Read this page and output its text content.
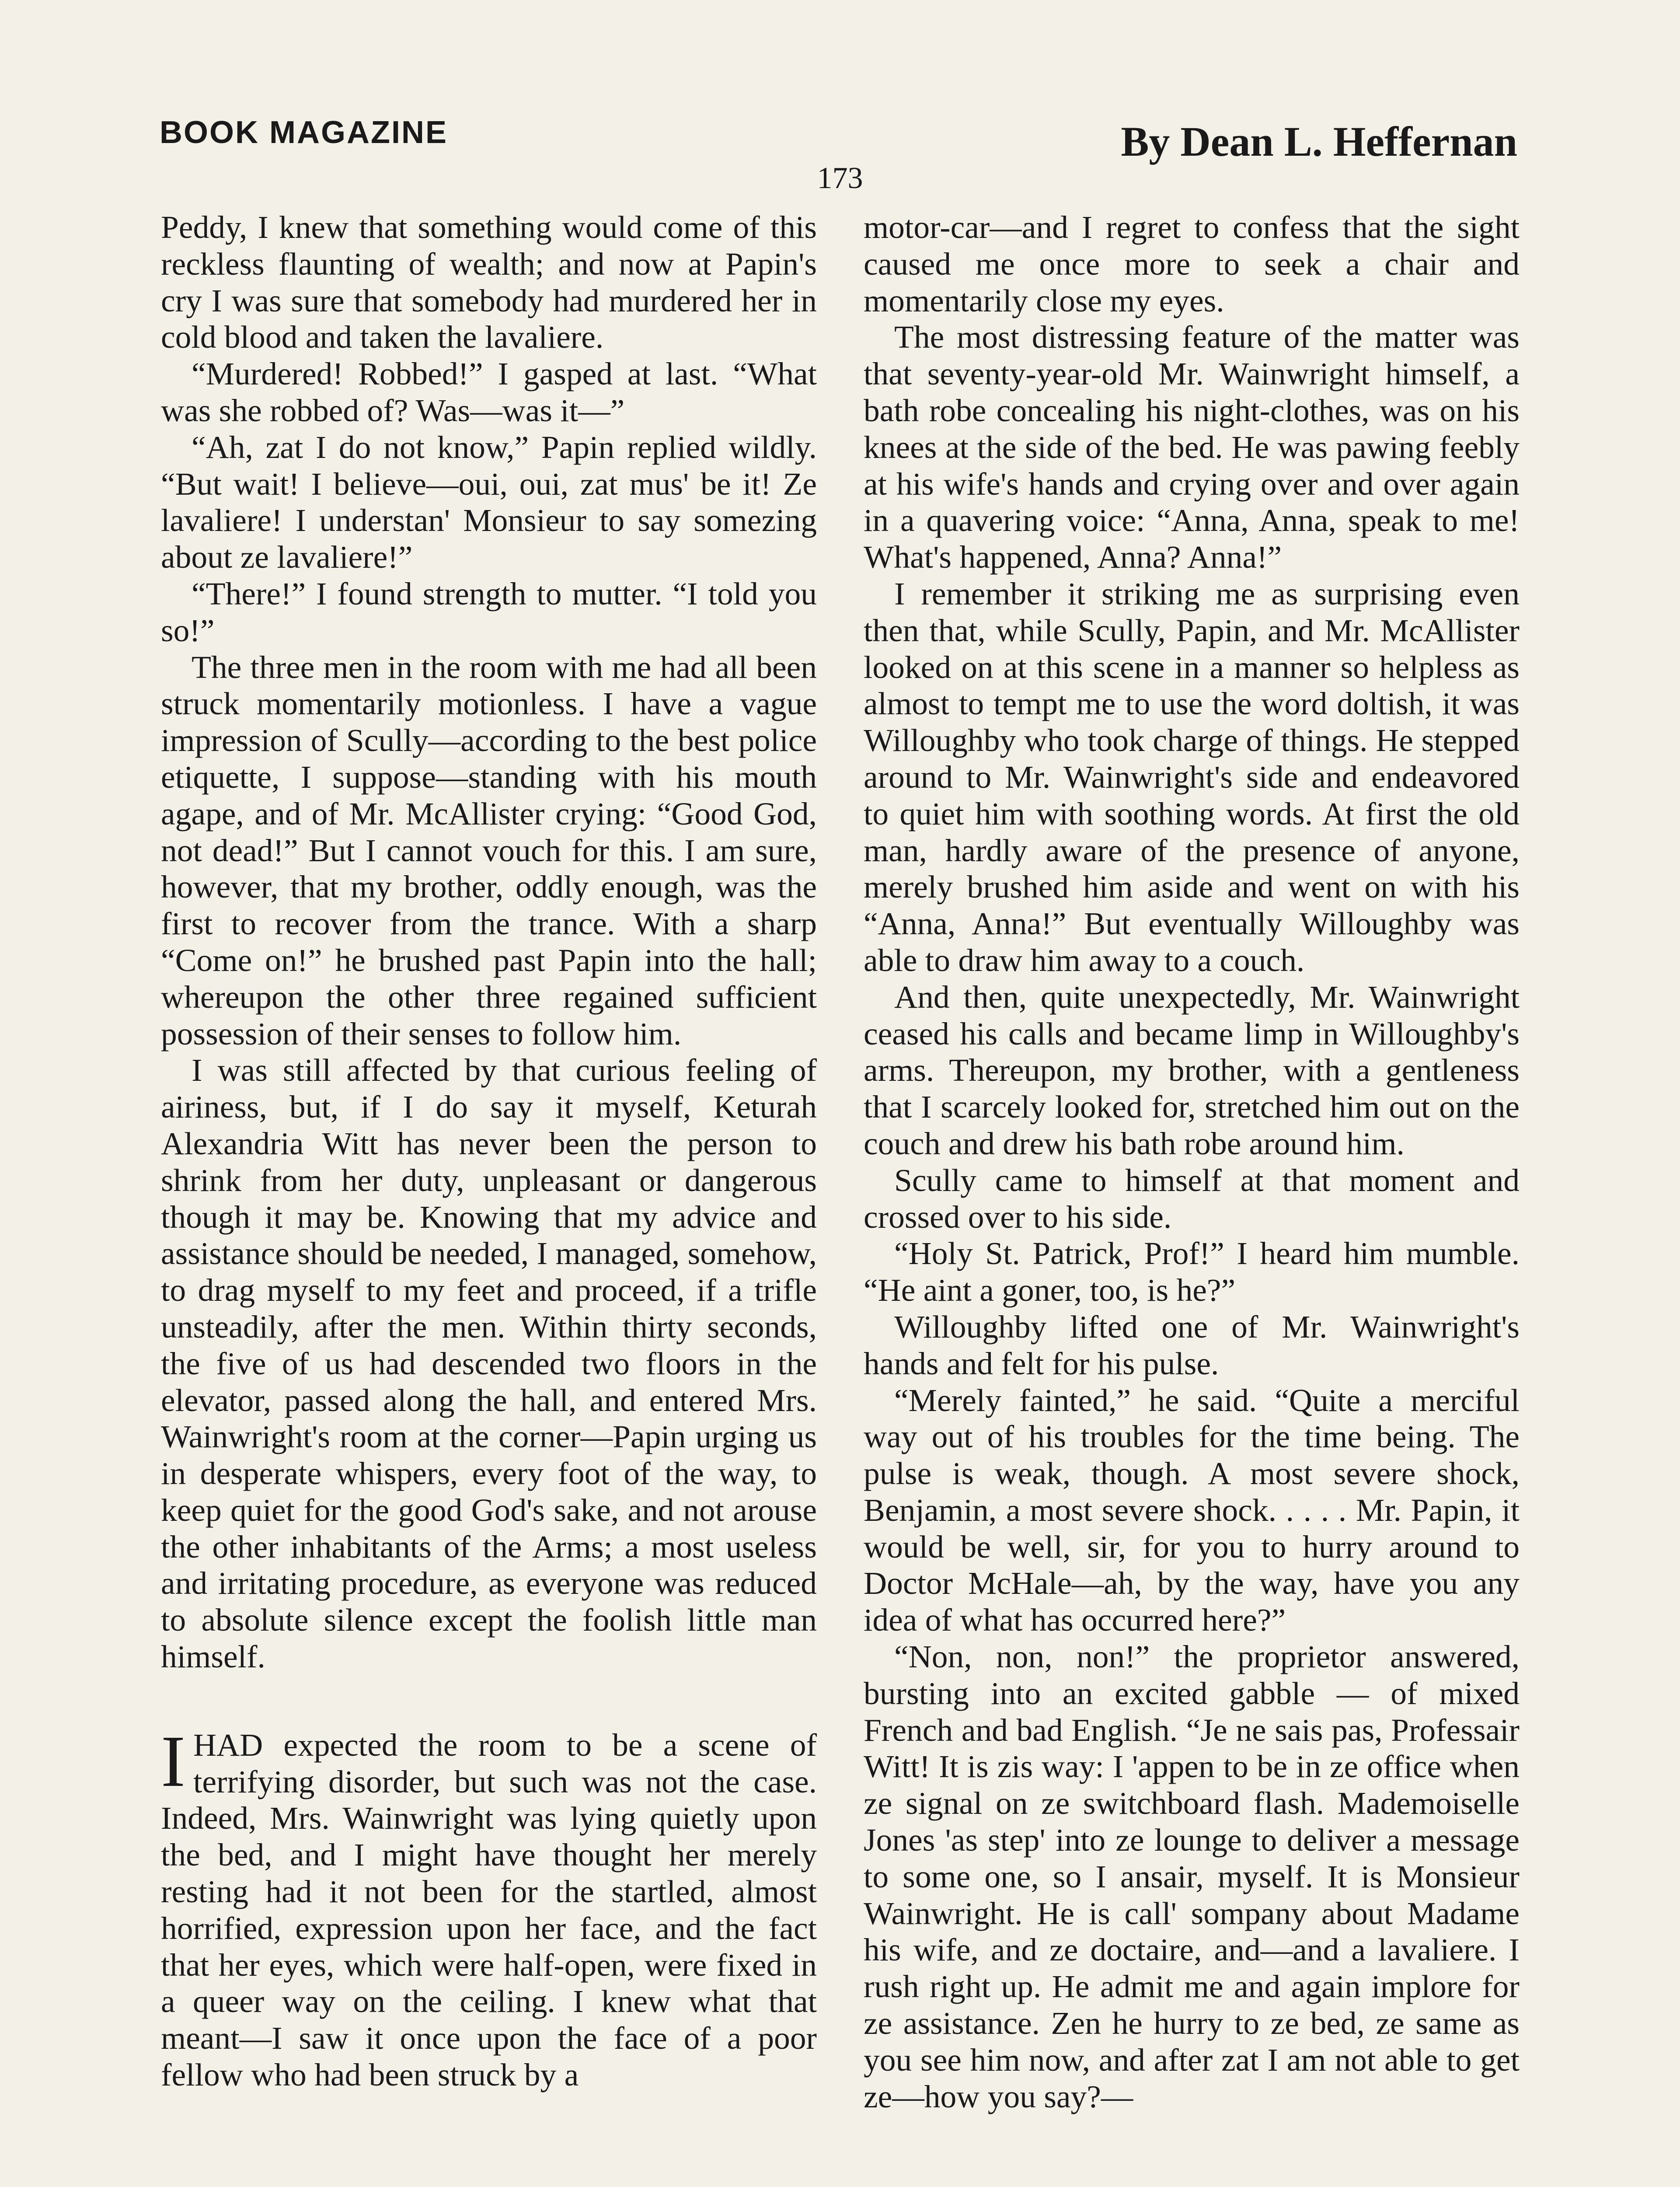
BOOK MAGAZINE	By Dean L. Heffernan
173

Peddy, I knew that something would come of this reckless flaunting of wealth; and now at Papin's cry I was sure that somebody had murdered her in cold blood and taken the lavaliere.

“Murdered! Robbed!” I gasped at last. “What was she robbed of? Was—was it—”

“Ah, zat I do not know,” Papin replied wildly. “But wait! I believe—oui, oui, zat mus' be it! Ze lavaliere! I understan' Monsieur to say somezing about ze lavaliere!”

“There!” I found strength to mutter. “I told you so!”

The three men in the room with me had all been struck momentarily motionless. I have a vague impression of Scully—according to the best police etiquette, I suppose—standing with his mouth agape, and of Mr. McAllister crying: “Good God, not dead!” But I cannot vouch for this. I am sure, however, that my brother, oddly enough, was the first to recover from the trance. With a sharp “Come on!” he brushed past Papin into the hall; whereupon the other three regained sufficient possession of their senses to follow him.

I was still affected by that curious feeling of airiness, but, if I do say it myself, Keturah Alexandria Witt has never been the person to shrink from her duty, unpleasant or dangerous though it may be. Knowing that my advice and assistance should be needed, I managed, somehow, to drag myself to my feet and proceed, if a trifle unsteadily, after the men. Within thirty seconds, the five of us had descended two floors in the elevator, passed along the hall, and entered Mrs. Wainwright's room at the corner—Papin urging us in desperate whispers, every foot of the way, to keep quiet for the good God's sake, and not arouse the other inhabitants of the Arms; a most useless and irritating procedure, as everyone was reduced to absolute silence except the foolish little man himself.

IHAD expected the room to be a scene of terrifying disorder, but such was not the case. Indeed, Mrs. Wainwright was lying quietly upon the bed, and I might have thought her merely resting had it not been for the startled, almost horrified, expression upon her face, and the fact that her eyes, which were half-open, were fixed in a queer way on the ceiling. I knew what that meant—I saw it once upon the face of a poor fellow who had been struck by a

motor-car—and I regret to confess that the sight caused me once more to seek a chair and momentarily close my eyes.

The most distressing feature of the matter was that seventy-year-old Mr. Wainwright himself, a bath robe concealing his night-clothes, was on his knees at the side of the bed. He was pawing feebly at his wife's hands and crying over and over again in a quavering voice: “Anna, Anna, speak to me! What's happened, Anna? Anna!”

I remember it striking me as surprising even then that, while Scully, Papin, and Mr. McAllister looked on at this scene in a manner so helpless as almost to tempt me to use the word doltish, it was Willoughby who took charge of things. He stepped around to Mr. Wainwright's side and endeavored to quiet him with soothing words. At first the old man, hardly aware of the presence of anyone, merely brushed him aside and went on with his “Anna, Anna!” But eventually Willoughby was able to draw him away to a couch.

And then, quite unexpectedly, Mr. Wainwright ceased his calls and became limp in Willoughby's arms. Thereupon, my brother, with a gentleness that I scarcely looked for, stretched him out on the couch and drew his bath robe around him.

Scully came to himself at that moment and crossed over to his side.

“Holy St. Patrick, Prof!” I heard him mumble. “He aint a goner, too, is he?”

Willoughby lifted one of Mr. Wainwright's hands and felt for his pulse.

“Merely fainted,” he said. “Quite a merciful way out of his troubles for the time being. The pulse is weak, though. A most severe shock, Benjamin, a most severe shock. . . . . Mr. Papin, it would be well, sir, for you to hurry around to Doctor McHale—ah, by the way, have you any idea of what has occurred here?”

“Non, non, non!” the proprietor answered, bursting into an excited gabble — of mixed French and bad English. “Je ne sais pas, Professair Witt! It is zis way: I 'appen to be in ze office when ze signal on ze switchboard flash. Mademoiselle Jones 'as step' into ze lounge to deliver a message to some one, so I ansair, myself. It is Monsieur Wainwright. He is call' sompany about Madame his wife, and ze doctaire, and—and a lavaliere. I rush right up. He admit me and again implore for ze assistance. Zen he hurry to ze bed, ze same as you see him now, and after zat I am not able to get ze—how you say?—
